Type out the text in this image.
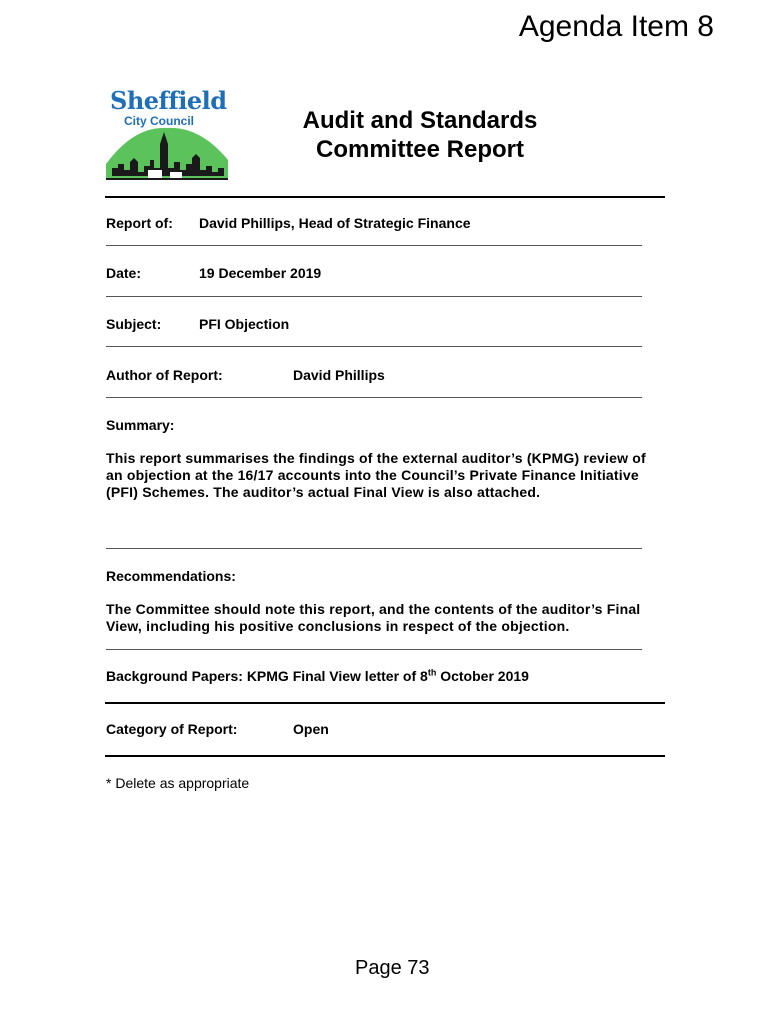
Agenda Item 8
Sheffield
City Council	Audit and Standards
Committee Report
Report of: David Phillips, Head of Strategic Finance
Date:	19 December 2019
Subject:	PFI Objection
Author of Report:	David Phillips
Summary:
This report summarises the findings of the external auditor’s (KPMG) review of an objection at the 16/17 accounts into the Council’s Private Finance Initiative (PFI) Schemes. The auditor’s actual Final View is also attached.
Recommendations:
The Committee should note this report, and the contents of the auditor’s Final View, including his positive conclusions in respect of the objection.
Background Papers: KPMG Final View letter of 8th October 2019
Category of Report:	Open
* Delete as appropriate
Page 73
